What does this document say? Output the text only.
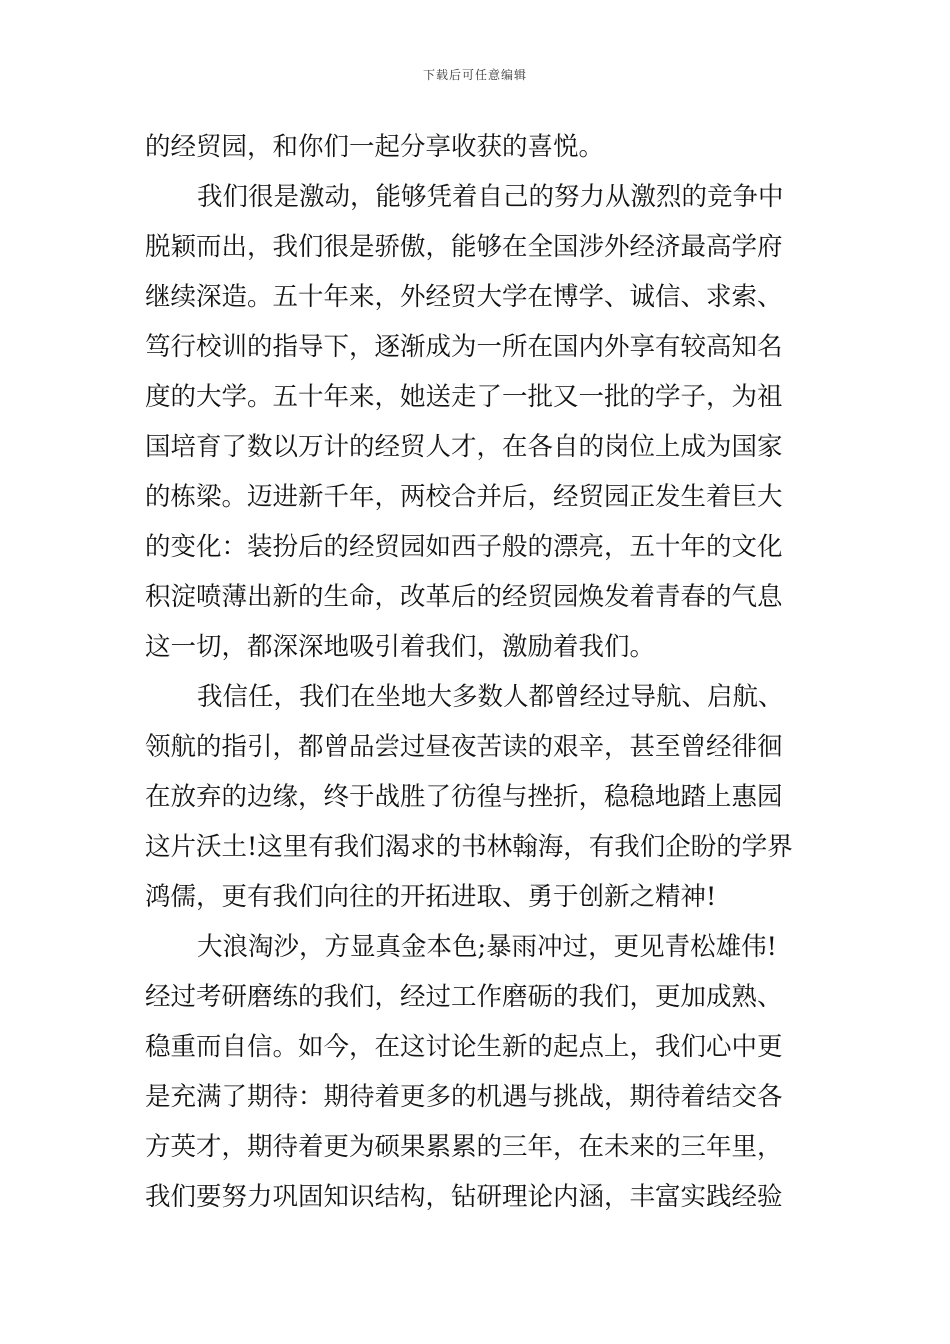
下载后可任意编辑
的经贸园，和你们一起分享收获的喜悦。
我们很是激动，能够凭着自己的努力从激烈的竞争中
脱颖而出，我们很是骄傲，能够在全国涉外经济最高学府
继续深造。五十年来，外经贸大学在博学、诚信、求索、
笃行校训的指导下，逐渐成为一所在国内外享有较高知名
度的大学。五十年来，她送走了一批又一批的学子，为祖
国培育了数以万计的经贸人才，在各自的岗位上成为国家
的栋梁。迈进新千年，两校合并后，经贸园正发生着巨大
的变化：装扮后的经贸园如西子般的漂亮，五十年的文化
积淀喷薄出新的生命，改革后的经贸园焕发着青春的气息
这一切，都深深地吸引着我们，激励着我们。
我信任，我们在坐地大多数人都曾经过导航、启航、
领航的指引，都曾品尝过昼夜苦读的艰辛，甚至曾经徘徊
在放弃的边缘，终于战胜了彷徨与挫折，稳稳地踏上惠园
这片沃土!这里有我们渴求的书林翰海，有我们企盼的学界
鸿儒，更有我们向往的开拓进取、勇于创新之精神!
大浪淘沙，方显真金本色;暴雨冲过，更见青松雄伟!
经过考研磨练的我们，经过工作磨砺的我们，更加成熟、
稳重而自信。如今，在这讨论生新的起点上，我们心中更
是充满了期待：期待着更多的机遇与挑战，期待着结交各
方英才，期待着更为硕果累累的三年，在未来的三年里，
我们要努力巩固知识结构，钻研理论内涵，丰富实践经验
